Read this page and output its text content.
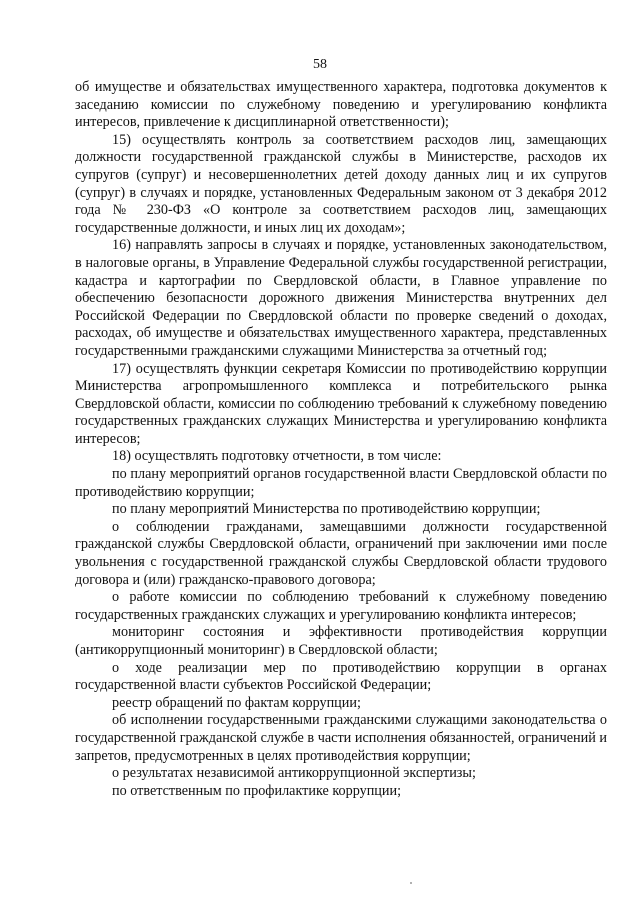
58

об имуществе и обязательствах имущественного характера, подготовка документов к заседанию комиссии по служебному поведению и урегулированию конфликта интересов, привлечение к дисциплинарной ответственности);

15) осуществлять контроль за соответствием расходов лиц, замещающих должности государственной гражданской службы в Министерстве, расходов их супругов (супруг) и несовершеннолетних детей доходу данных лиц и их супругов (супруг) в случаях и порядке, установленных Федеральным законом от 3 декабря 2012 года № 230-ФЗ «О контроле за соответствием расходов лиц, замещающих государственные должности, и иных лиц их доходам»;

16) направлять запросы в случаях и порядке, установленных законодательством, в налоговые органы, в Управление Федеральной службы государственной регистрации, кадастра и картографии по Свердловской области, в Главное управление по обеспечению безопасности дорожного движения Министерства внутренних дел Российской Федерации по Свердловской области по проверке сведений о доходах, расходах, об имуществе и обязательствах имущественного характера, представленных государственными гражданскими служащими Министерства за отчетный год;

17) осуществлять функции секретаря Комиссии по противодействию коррупции Министерства агропромышленного комплекса и потребительского рынка Свердловской области, комиссии по соблюдению требований к служебному поведению государственных гражданских служащих Министерства и урегулированию конфликта интересов;

18) осуществлять подготовку отчетности, в том числе:

по плану мероприятий органов государственной власти Свердловской области по противодействию коррупции;

по плану мероприятий Министерства по противодействию коррупции;

о соблюдении гражданами, замещавшими должности государственной гражданской службы Свердловской области, ограничений при заключении ими после увольнения с государственной гражданской службы Свердловской области трудового договора и (или) гражданско-правового договора;

о работе комиссии по соблюдению требований к служебному поведению государственных гражданских служащих и урегулированию конфликта интересов;

мониторинг состояния и эффективности противодействия коррупции (антикоррупционный мониторинг) в Свердловской области;

о ходе реализации мер по противодействию коррупции в органах государственной власти субъектов Российской Федерации;

реестр обращений по фактам коррупции;

об исполнении государственными гражданскими служащими законодательства о государственной гражданской службе в части исполнения обязанностей, ограничений и запретов, предусмотренных в целях противодействия коррупции;

о результатах независимой антикоррупционной экспертизы;

по ответственным по профилактике коррупции;
